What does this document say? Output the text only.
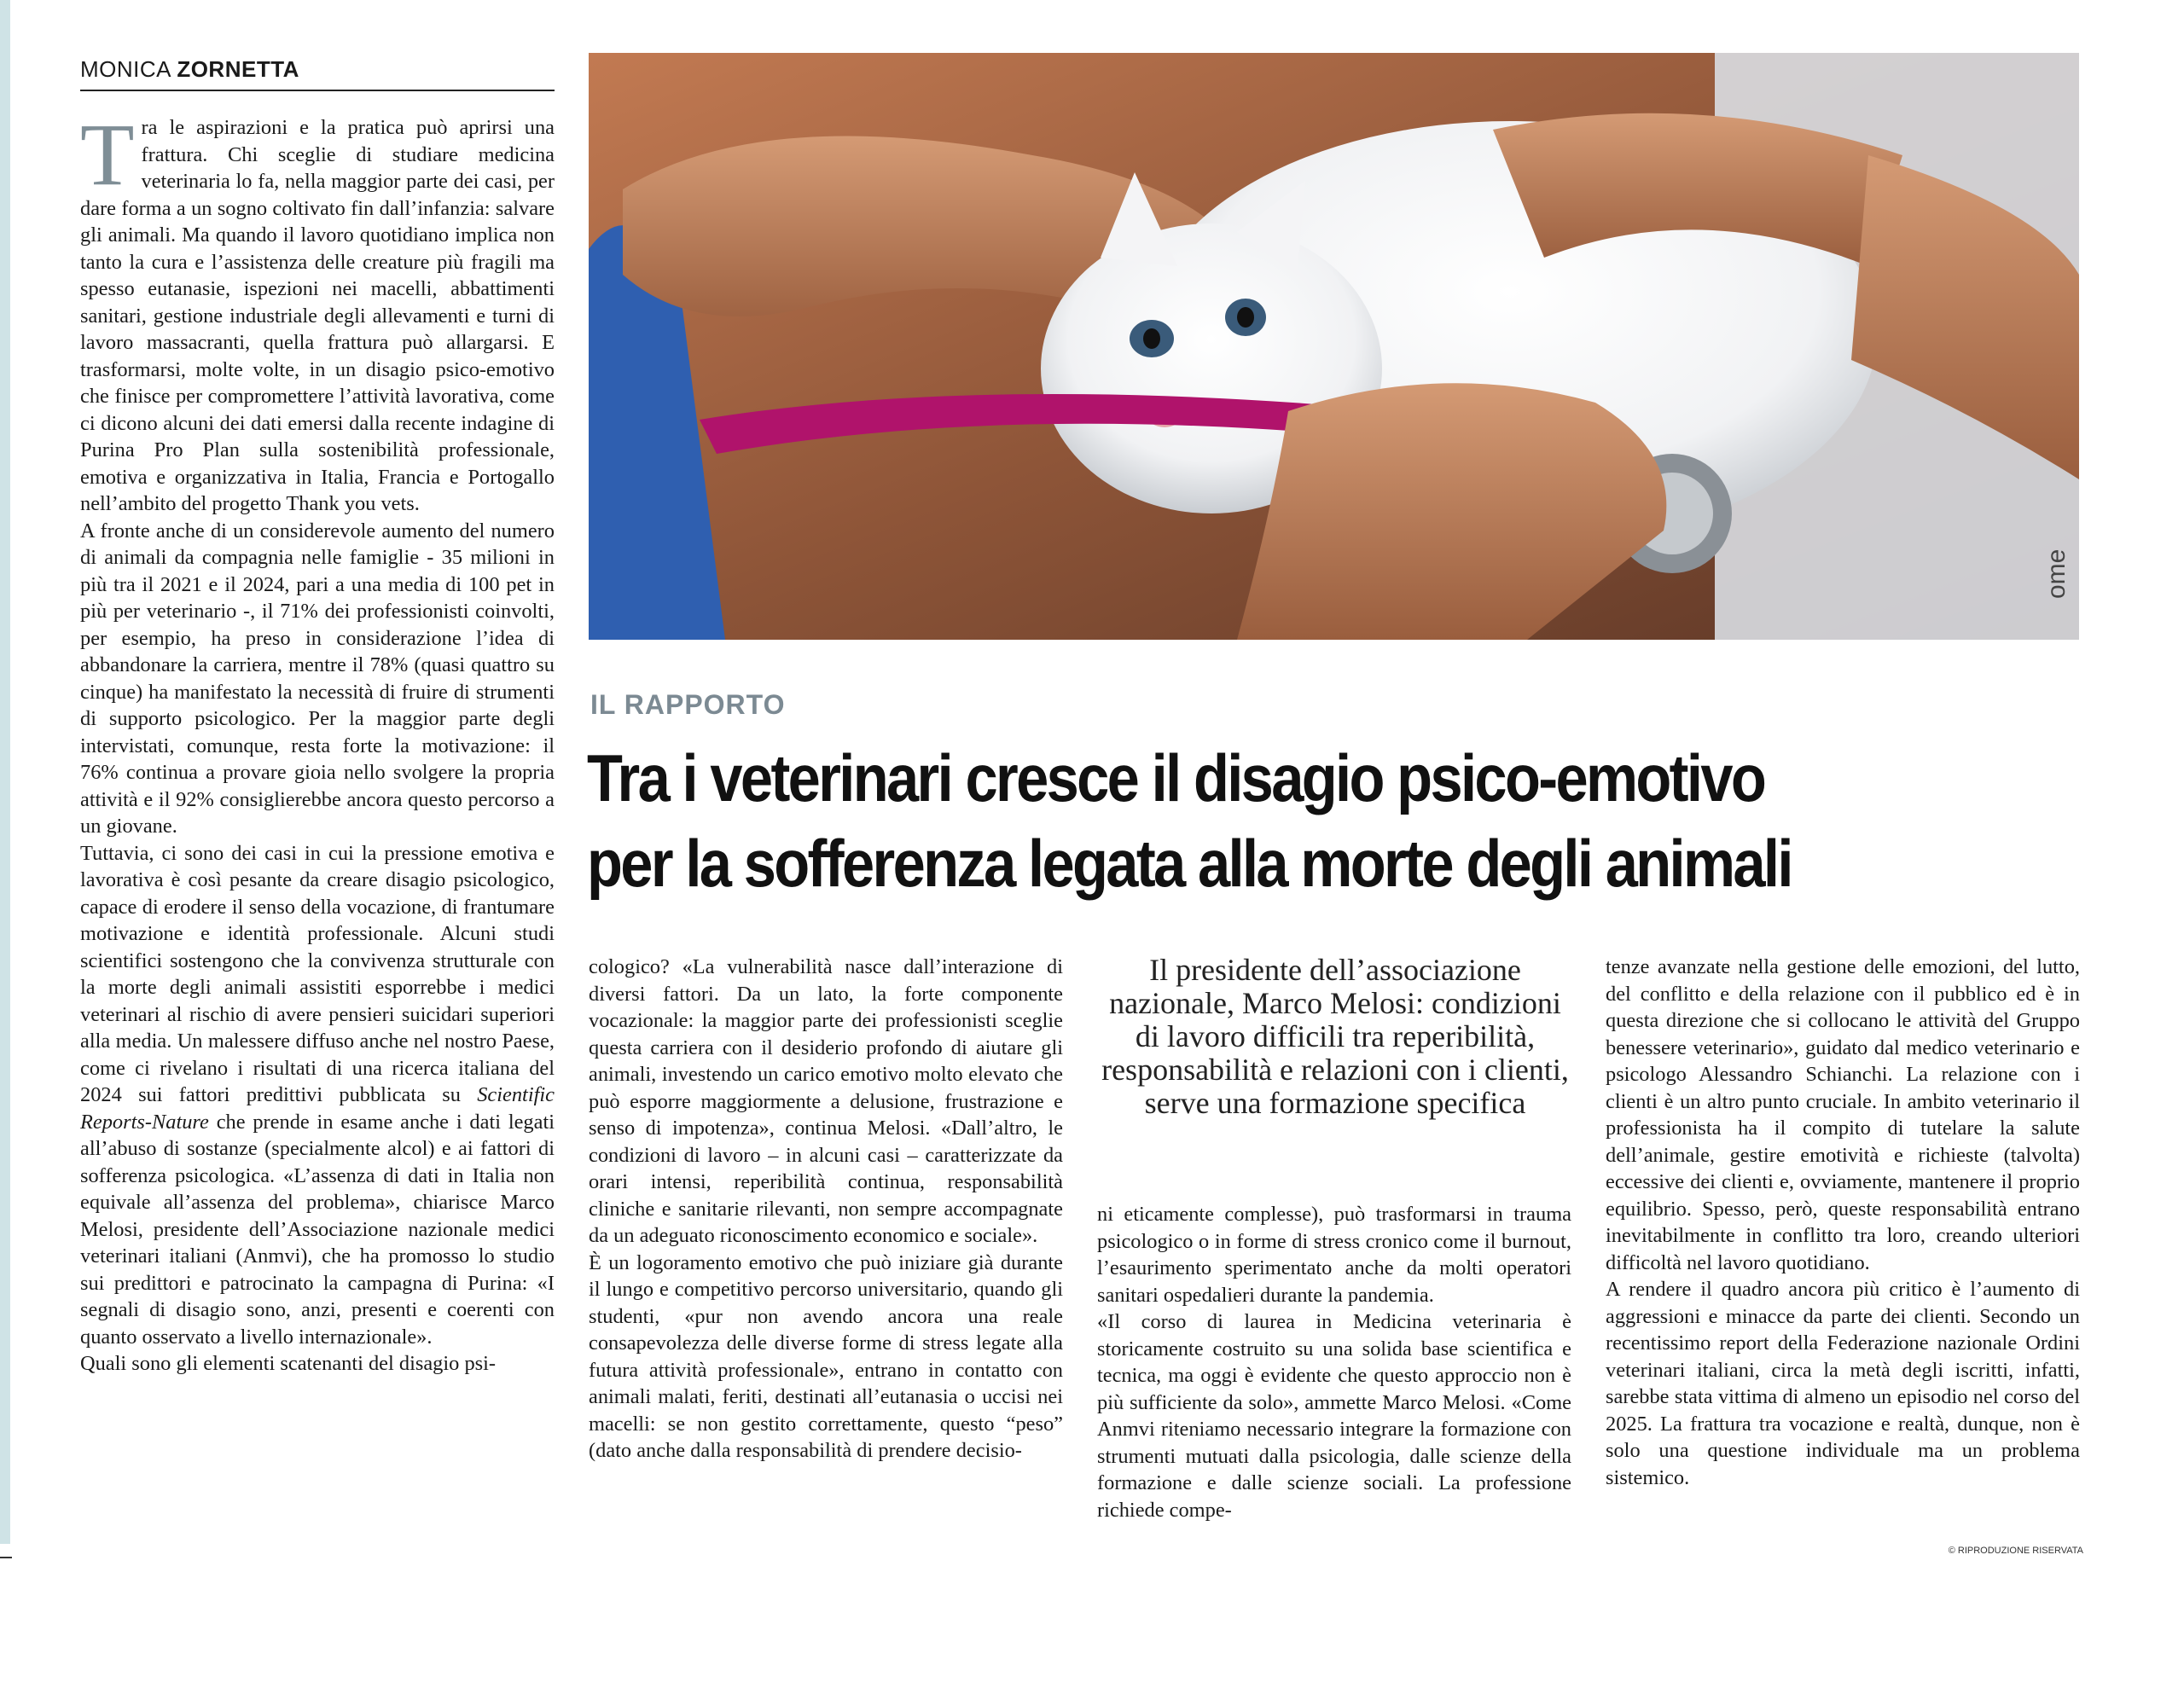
MONICA ZORNETTA
T ra le aspirazioni e la pratica può aprirsi una frattura. Chi sceglie di studiare medicina veterinaria lo fa, nella maggior parte dei casi, per dare forma a un sogno coltivato fin dall’infanzia: salvare gli animali. Ma quando il lavoro quotidiano implica non tanto la cura e l’assistenza delle creature più fragili ma spesso eutanasie, ispezioni nei macelli, abbattimenti sanitari, gestione industriale degli allevamenti e turni di lavoro massacranti, quella frattura può allargarsi. E trasformarsi, molte volte, in un disagio psico-emotivo che finisce per compromettere l’attività lavorativa, come ci dicono alcuni dei dati emersi dalla recente indagine di Purina Pro Plan sulla sostenibilità professionale, emotiva e organizzativa in Italia, Francia e Portogallo nell’ambito del progetto Thank you vets.

A fronte anche di un considerevole aumento del numero di animali da compagnia nelle famiglie - 35 milioni in più tra il 2021 e il 2024, pari a una media di 100 pet in più per veterinario -, il 71% dei professionisti coinvolti, per esempio, ha preso in considerazione l’idea di abbandonare la carriera, mentre il 78% (quasi quattro su cinque) ha manifestato la necessità di fruire di strumenti di supporto psicologico. Per la maggior parte degli intervistati, comunque, resta forte la motivazione: il 76% continua a provare gioia nello svolgere la propria attività e il 92% consiglierebbe ancora questo percorso a un giovane.

Tuttavia, ci sono dei casi in cui la pressione emotiva e lavorativa è così pesante da creare disagio psicologico, capace di erodere il senso della vocazione, di frantumare motivazione e identità professionale. Alcuni studi scientifici sostengono che la convivenza strutturale con la morte degli animali assistiti esporrebbe i medici veterinari al rischio di avere pensieri suicidari superiori alla media. Un malessere diffuso anche nel nostro Paese, come ci rivelano i risultati di una ricerca italiana del 2024 sui fattori predittivi pubblicata su Scientific Reports-Nature che prende in esame anche i dati legati all’abuso di sostanze (specialmente alcol) e ai fattori di sofferenza psicologica. «L’assenza di dati in Italia non equivale all’assenza del problema», chiarisce Marco Melosi, presidente dell’Associazione nazionale medici veterinari italiani (Anmvi), che ha promosso lo studio sui predittori e patrocinato la campagna di Purina: «I segnali di disagio sono, anzi, presenti e coerenti con quanto osservato a livello internazionale».

Quali sono gli elementi scatenanti del disagio psi-

ome
IL RAPPORTO
Tra i veterinari cresce il disagio psico-emotivo
per la sofferenza legata alla morte degli animali
Il presidente dell’associazione nazionale, Marco Melosi: condizioni di lavoro difficili tra reperibilità, responsabilità e relazioni con i clienti, serve una formazione specifica

cologico? «La vulnerabilità nasce dall’interazione di diversi fattori. Da un lato, la forte componente vocazionale: la maggior parte dei professionisti sceglie questa carriera con il desiderio profondo di aiutare gli animali, investendo un carico emotivo molto elevato che può esporre maggiormente a delusione, frustrazione e senso di impotenza», continua Melosi. «Dall’altro, le condizioni di lavoro – in alcuni casi – caratterizzate da orari intensi, reperibilità continua, responsabilità cliniche e sanitarie rilevanti, non sempre accompagnate da un adeguato riconoscimento economico e sociale».

È un logoramento emotivo che può iniziare già durante il lungo e competitivo percorso universitario, quando gli studenti, «pur non avendo ancora una reale consapevolezza delle diverse forme di stress legate alla futura attività professionale», entrano in contatto con animali malati, feriti, destinati all’eutanasia o uccisi nei macelli: se non gestito correttamente, questo “peso” (dato anche dalla responsabilità di prendere decisio-

ni eticamente complesse), può trasformarsi in trauma psicologico o in forme di stress cronico come il burnout, l’esaurimento sperimentato anche da molti operatori sanitari ospedalieri durante la pandemia.

«Il corso di laurea in Medicina veterinaria è storicamente costruito su una solida base scientifica e tecnica, ma oggi è evidente che questo approccio non è più sufficiente da solo», ammette Marco Melosi. «Come Anmvi riteniamo necessario integrare la formazione con strumenti mutuati dalla psicologia, dalle scienze della formazione e dalle scienze sociali. La professione richiede compe-

tenze avanzate nella gestione delle emozioni, del lutto, del conflitto e della relazione con il pubblico ed è in questa direzione che si collocano le attività del Gruppo benessere veterinario», guidato dal medico veterinario e psicologo Alessandro Schianchi. La relazione con i clienti è un altro punto cruciale. In ambito veterinario il professionista ha il compito di tutelare la salute dell’animale, gestire emotività e richieste (talvolta) eccessive dei clienti e, ovviamente, mantenere il proprio equilibrio. Spesso, però, queste responsabilità entrano inevitabilmente in conflitto tra loro, creando ulteriori difficoltà nel lavoro quotidiano.

A rendere il quadro ancora più critico è l’aumento di aggressioni e minacce da parte dei clienti. Secondo un recentissimo report della Federazione nazionale Ordini veterinari italiani, circa la metà degli iscritti, infatti, sarebbe stata vittima di almeno un episodio nel corso del 2025. La frattura tra vocazione e realtà, dunque, non è solo una questione individuale ma un problema sistemico.

© RIPRODUZIONE RISERVATA
